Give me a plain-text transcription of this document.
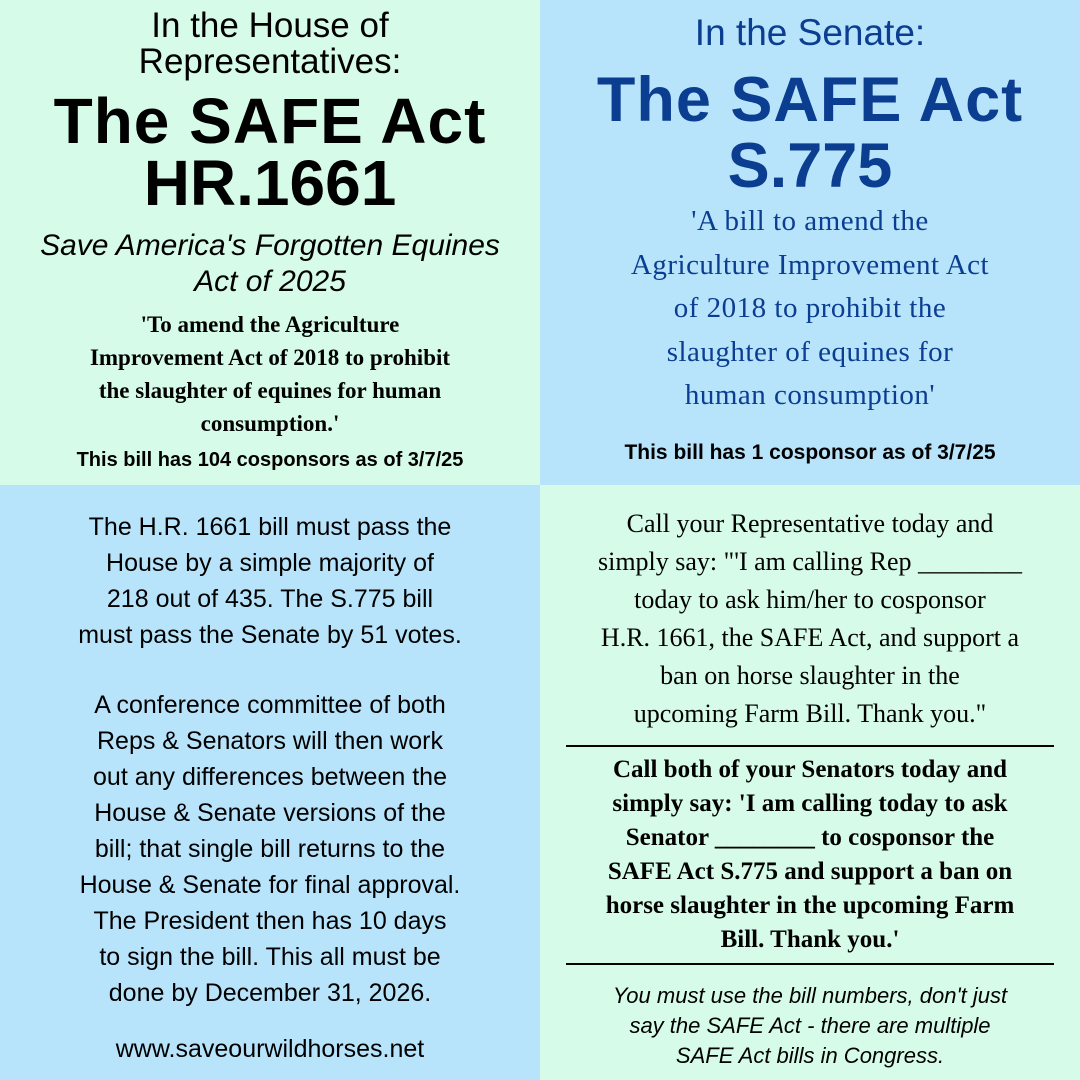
In the House of
Representatives:

The SAFE Act

HR.1661

Save America's Forgotten Equines
Act of 2025

'To amend the Agriculture
Improvement Act of 2018 to prohibit
the slaughter of equines for human
consumption.'

This bill has 104 cosponsors as of 3/7/25

In the Senate:

The SAFE Act

S.775

'A bill to amend the
Agriculture Improvement Act
of 2018 to prohibit the
slaughter of equines for
human consumption'

This bill has 1 cosponsor as of 3/7/25

The H.R. 1661 bill must pass the
House by a simple majority of
218 out of 435. The S.775 bill
must pass the Senate by 51 votes.

A conference committee of both
Reps & Senators will then work
out any differences between the
House & Senate versions of the
bill; that single bill returns to the
House & Senate for final approval.
The President then has 10 days
to sign the bill. This all must be
done by December 31, 2026.

www.saveourwildhorses.net

Call your Representative today and
simply say: "'I am calling Rep ________
today to ask him/her to cosponsor
H.R. 1661, the SAFE Act, and support a
ban on horse slaughter in the
upcoming Farm Bill. Thank you."

Call both of your Senators today and
simply say: 'I am calling today to ask
Senator ________ to cosponsor the
SAFE Act S.775 and support a ban on
horse slaughter in the upcoming Farm
Bill. Thank you.'

You must use the bill numbers, don't just
say the SAFE Act - there are multiple
SAFE Act bills in Congress.
